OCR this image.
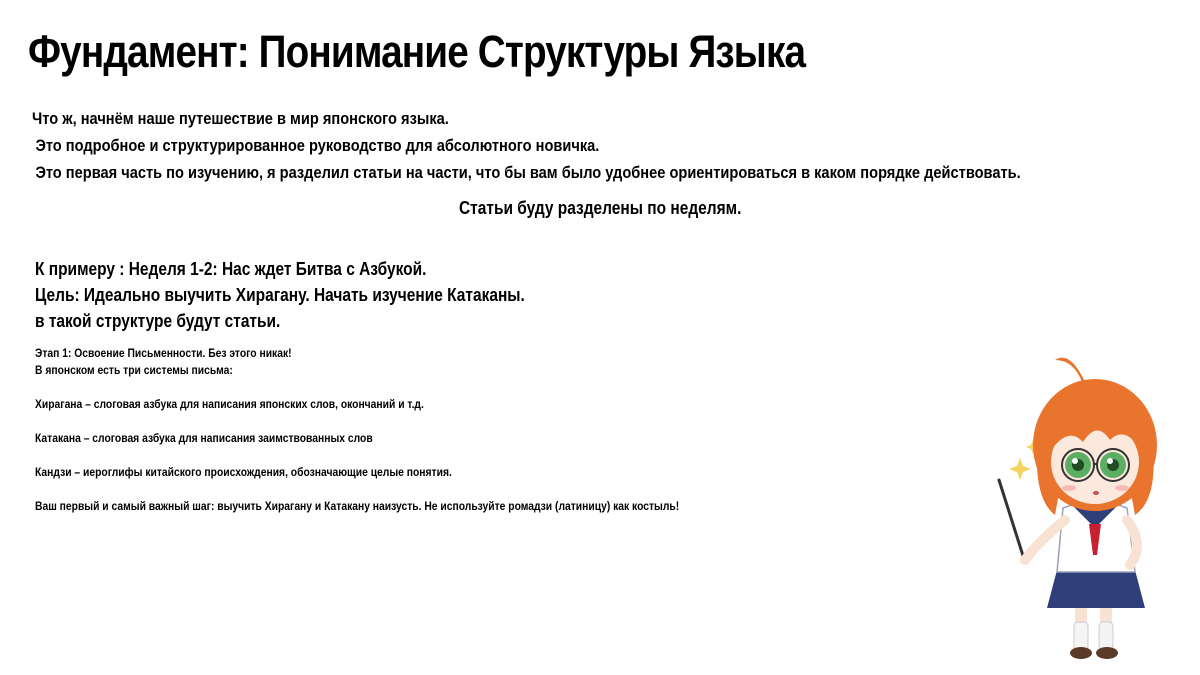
Фундамент: Понимание Структуры Языка
Что ж, начнём наше путешествие в мир японского языка.
Это подробное и структурированное руководство для абсолютного новичка.
Это первая часть по изучению, я разделил статьи на части, что бы вам было удобнее ориентироваться в каком порядке действовать.
Статьи буду разделены по неделям.
К примеру : Неделя 1-2: Нас ждет Битва с Азбукой.
Цель: Идеально выучить Хирагану. Начать изучение Катаканы.
в такой структуре будут статьи.
Этап 1: Освоение Письменности. Без этого никак!
В японском есть три системы письма:
Хирагана – слоговая азбука для написания японских слов, окончаний и т.д.
Катакана – слоговая азбука для написания заимствованных слов
Кандзи – иероглифы китайского происхождения, обозначающие целые понятия.
Ваш первый и самый важный шаг: выучить Хирагану и Катакану наизусть. Не используйте ромадзи (латиницу) как костыль!
